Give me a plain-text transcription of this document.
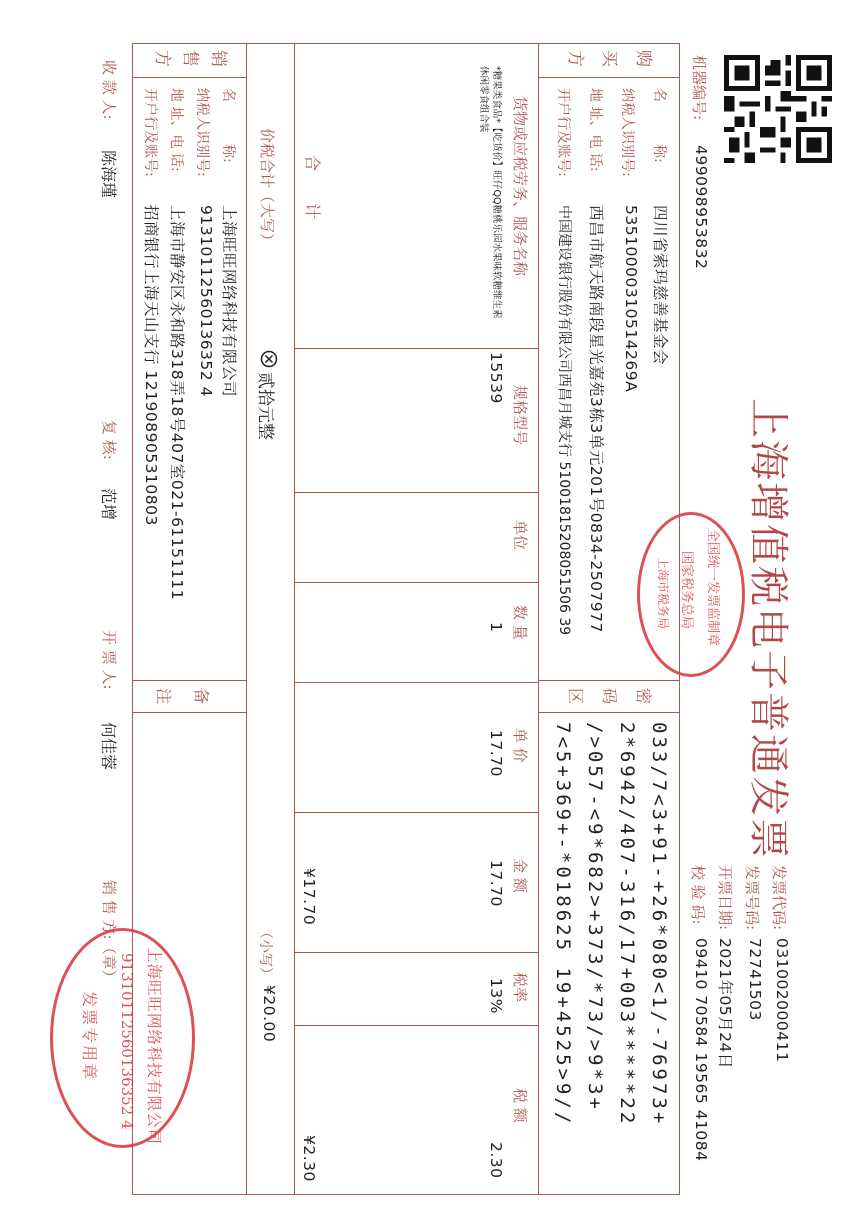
机器编号:
499098953832
上海增值税电子普通发票
全国统一发票监制章
国家税务总局
上海市税务局
发票代码:
031002000411
发票号码:
72741503
开票日期:
2021年05月24日
校 验 码:
09410 70584 19565 41084
购买方
名　　　称:
四川省索玛慈善基金会
纳税人识别号:
53510000310514269A
地 址、电 话:
西昌市航天路南段星光嘉苑3栋3单元201号0834-2507977
开户行及账号:
中国建设银行股份有限公司西昌月城支行 51001815208051506 39
密码区
033/7<3+91-+26*080<1/-76973+
2*6942/407-316/17+003*****22
/>057-<9*682>+373/*73/>9*3+
7<5+369+-*018625 19+4525>9//
货物或应税劳务、服务名称
规格型号
单位
数 量
单 价
金 额
税率
税 额
*糖果类食品*【吃货价】旺仔QQ糖桃乐园水果味软糖维生素
休闲零食组合装
15539
1
17.70
17.70
13%
2.30
合　　计
¥17.70
¥2.30
价税合计（大写）
贰拾元整
（小写）
¥20.00
销售方
名　　　称:
上海旺旺网络科技有限公司
纳税人识别号:
91310112560136352 4
地 址、电 话:
上海市静安区永和路318弄18号407室021-61151111
开户行及账号:
招商银行上海天山支行 121908905310803
备注
收 款 人:
陈海瑾
复 核:
范增
开 票 人:
何佳蓉
销 售 方:（章）
上海旺旺网络科技有限公司
91310112560136352 4
发票专用章
